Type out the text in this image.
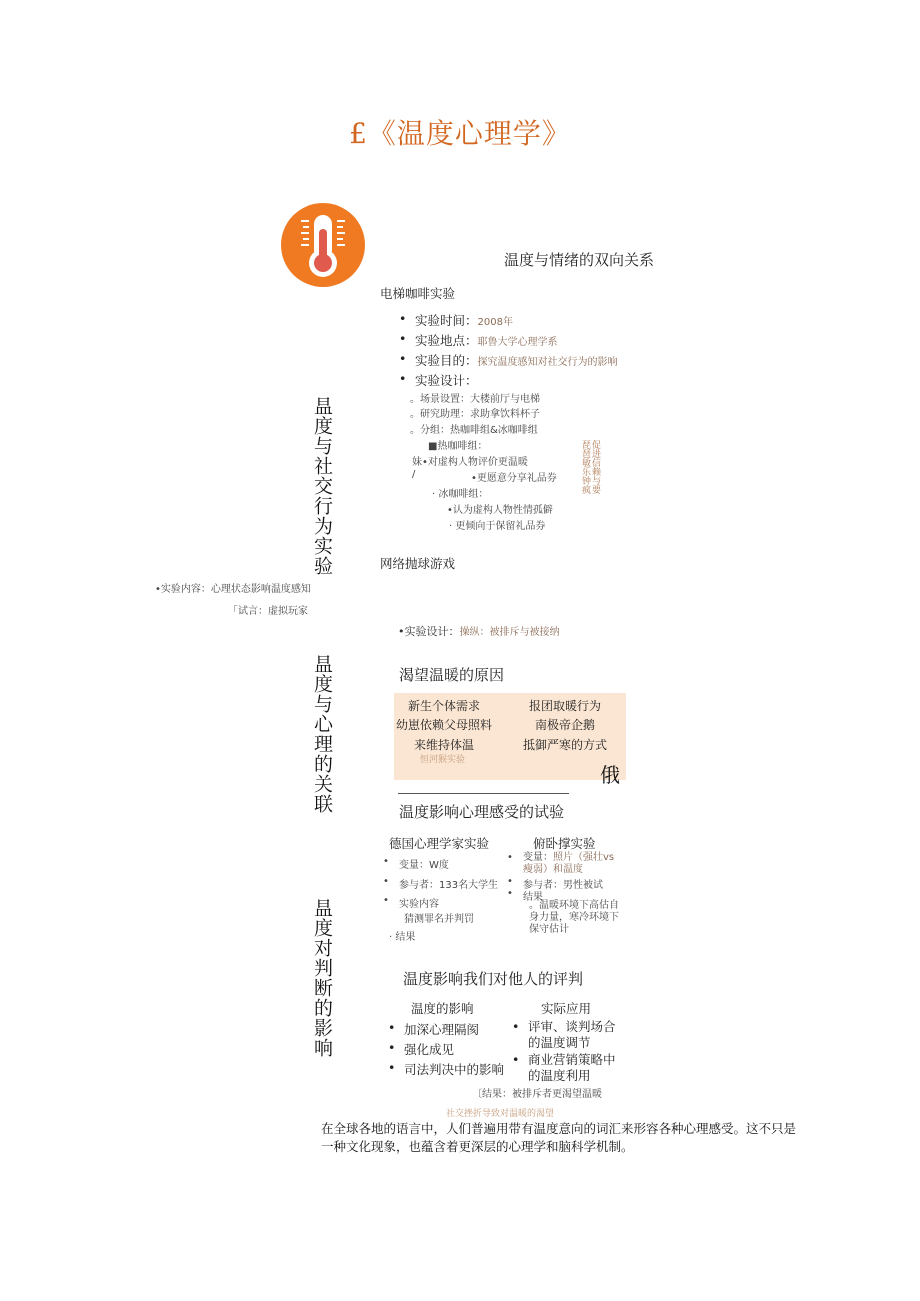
£《温度心理学》
温度与情绪的双向关系
昷度与社交行为实验
昷度与心理的关联
昷度对判断的影响
促进信赖与要 琵琶敏乐钟疯
电梯咖啡实验
• 实验时间：2008年
• 实验地点：耶鲁大学心理学系
• 实验目的：探究温度感知对社交行为的影响
• 实验设计：
。场景设置：大楼前厅与电梯
。研究助理：求助拿饮料杯子
。分组：热咖啡组&冰咖啡组
■热咖啡组：
妹•对虚构人物评价更温暖
/	•更愿意分享礼品券
· 冰咖啡组：
•认为虚构人物性情孤僻
· 更倾向于保留礼品券
网络抛球游戏
•实验内容：心理状态影响温度感知
「试言：虚拟玩家
•实验设计：操纵：被排斥与被接纳
渴望温暖的原因
新生个体需求
幼崽依赖父母照料
来维持体温
报团取暖行为
南极帝企鹅
抵御严寒的方式
恒河猴实验
俄
温度影响心理感受的试验
德国心理学家实验
• 变量：W度
• 参与者：133名大学生
• 实验内容
猜测罪名并判罚
· 结果
俯卧撑实验
• 变量：照片（强壮vs瘦弱）和温度
• 参与者：男性被试
• 结果
。温暖环境下高估自身力量，寒冷环境下保守估计
温度影响我们对他人的评判
温度的影响
• 加深心理隔阂
• 强化成见
• 司法判决中的影响
实际应用
• 评审、谈判场合的温度调节
• 商业营销策略中的温度利用
〔结果：被排斥者更渴望温暖
社交挫折导致对温暖的渴望
在全球各地的语言中，人们普遍用带有温度意向的词汇来形容各种心理感受。这不只是一种文化现象，也蕴含着更深层的心理学和脑科学机制。
